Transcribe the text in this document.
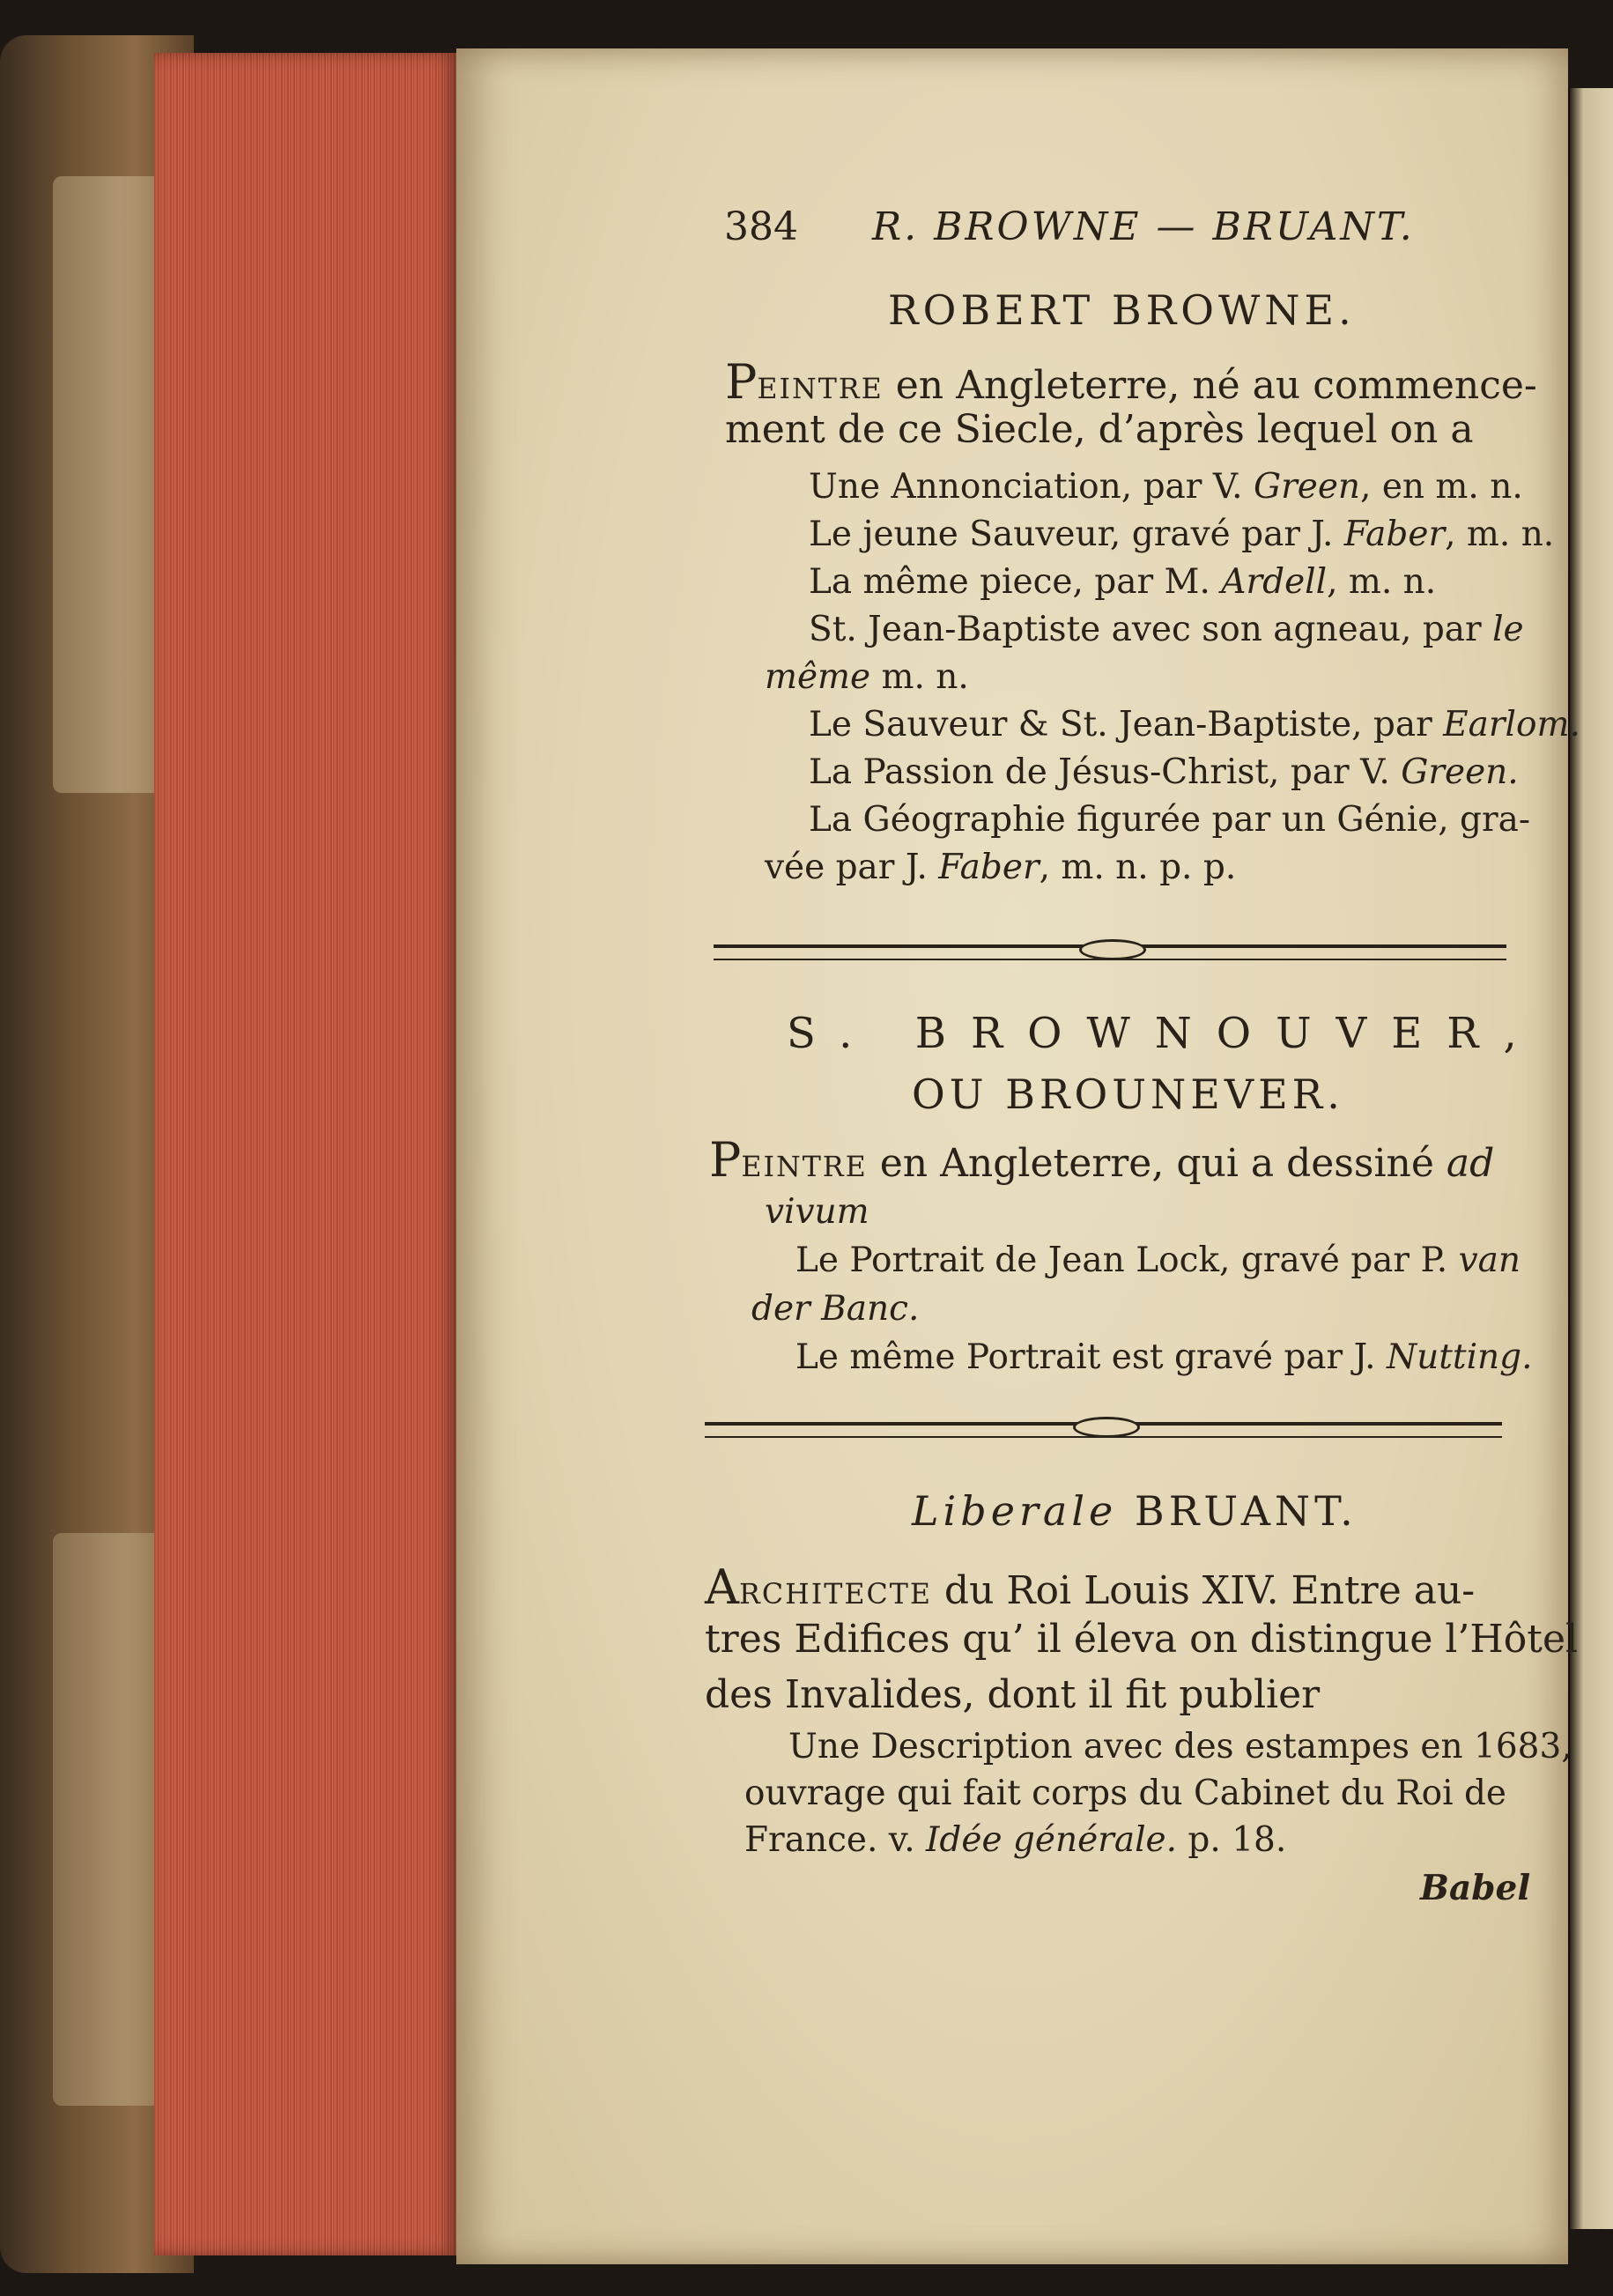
384 R. BROWNE — BRUANT.

ROBERT BROWNE.

PEINTRE en Angleterre, né au commence-

ment de ce Siecle, d’après lequel on a

Une Annonciation, par V. Green, en m. n.

Le jeune Sauveur, gravé par J. Faber, m. n.

La même piece, par M. Ardell, m. n.

St. Jean-Baptiste avec son agneau, par le

même m. n.

Le Sauveur & St. Jean-Baptiste, par Earlom.

La Passion de Jésus-Christ, par V. Green.

La Géographie figurée par un Génie, gra-

vée par J. Faber, m. n. p. p.

S. BROWNOUVER,

OU BROUNEVER.

PEINTRE en Angleterre, qui a dessiné ad

vivum

Le Portrait de Jean Lock, gravé par P. van

der Banc.

Le même Portrait est gravé par J. Nutting.

Liberale BRUANT.

ARCHITECTE du Roi Louis XIV. Entre au-

tres Edifices qu’ il éleva on distingue l’Hôtel

des Invalides, dont il fit publier

Une Description avec des estampes en 1683,

ouvrage qui fait corps du Cabinet du Roi de

France. v. Idée générale. p. 18.

Babel
